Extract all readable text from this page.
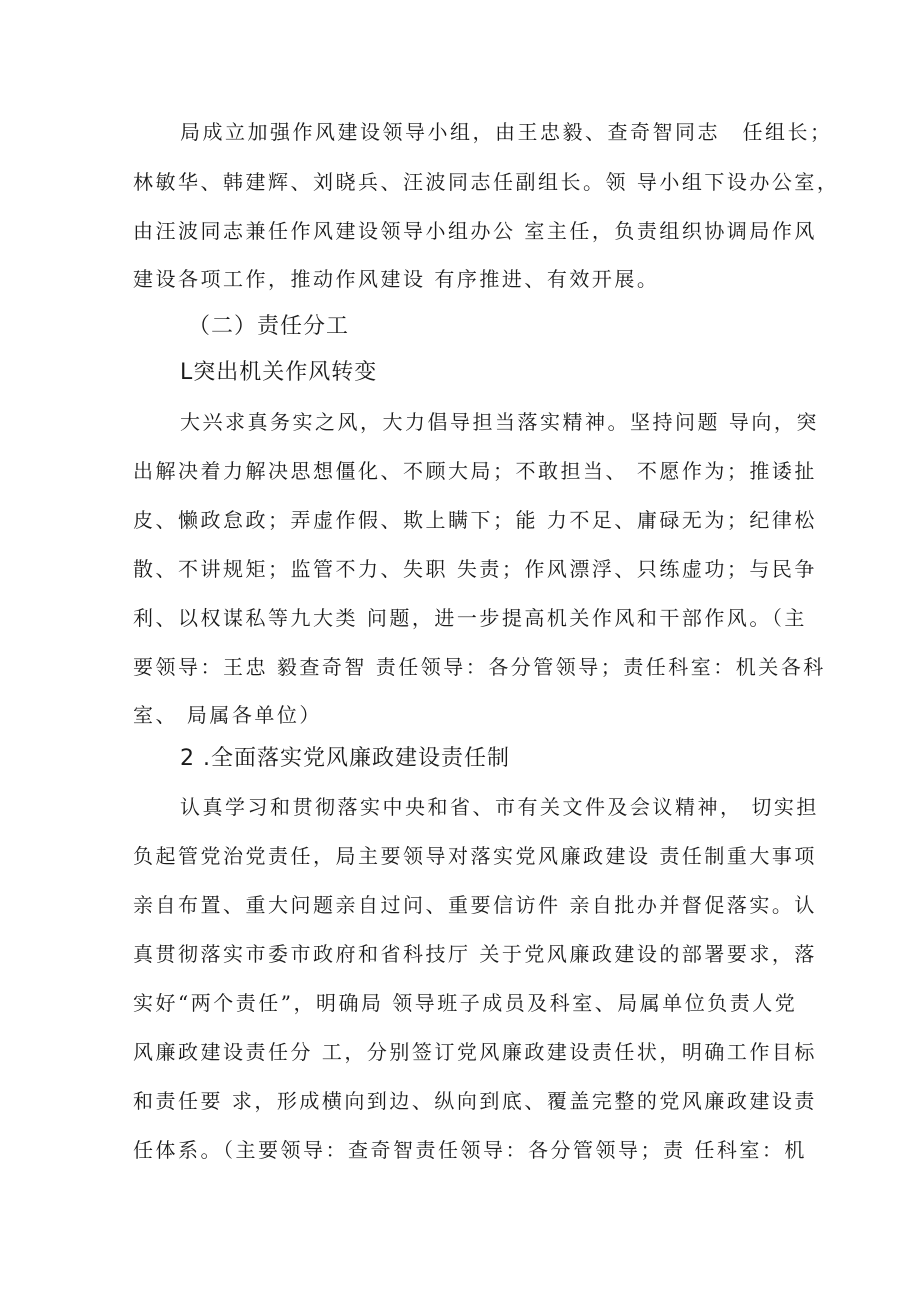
局成立加强作风建设领导小组，由王忠毅、查奇智同志　任组长；
林敏华、韩建辉、刘晓兵、汪波同志任副组长。领 导小组下设办公室，
由汪波同志兼任作风建设领导小组办公 室主任，负责组织协调局作风
建设各项工作，推动作风建设 有序推进、有效开展。
（二）责任分工
L突出机关作风转变
大兴求真务实之风，大力倡导担当落实精神。坚持问题 导向，突
出解决着力解决思想僵化、不顾大局；不敢担当、 不愿作为；推诿扯
皮、懒政怠政；弄虚作假、欺上瞒下；能 力不足、庸碌无为；纪律松
散、不讲规矩；监管不力、失职 失责；作风漂浮、只练虚功；与民争
利、以权谋私等九大类 问题，进一步提高机关作风和干部作风。（主
要领导：王忠 毅查奇智 责任领导：各分管领导；责任科室：机关各科
室、 局属各单位）
2 .全面落实党风廉政建设责任制
认真学习和贯彻落实中央和省、市有关文件及会议精神， 切实担
负起管党治党责任，局主要领导对落实党风廉政建设 责任制重大事项
亲自布置、重大问题亲自过问、重要信访件 亲自批办并督促落实。认
真贯彻落实市委市政府和省科技厅 关于党风廉政建设的部署要求，落
实好“两个责任”，明确局 领导班子成员及科室、局属单位负责人党
风廉政建设责任分 工，分别签订党风廉政建设责任状，明确工作目标
和责任要 求，形成横向到边、纵向到底、覆盖完整的党风廉政建设责
任体系。（主要领导：查奇智责任领导：各分管领导；责 任科室：机
